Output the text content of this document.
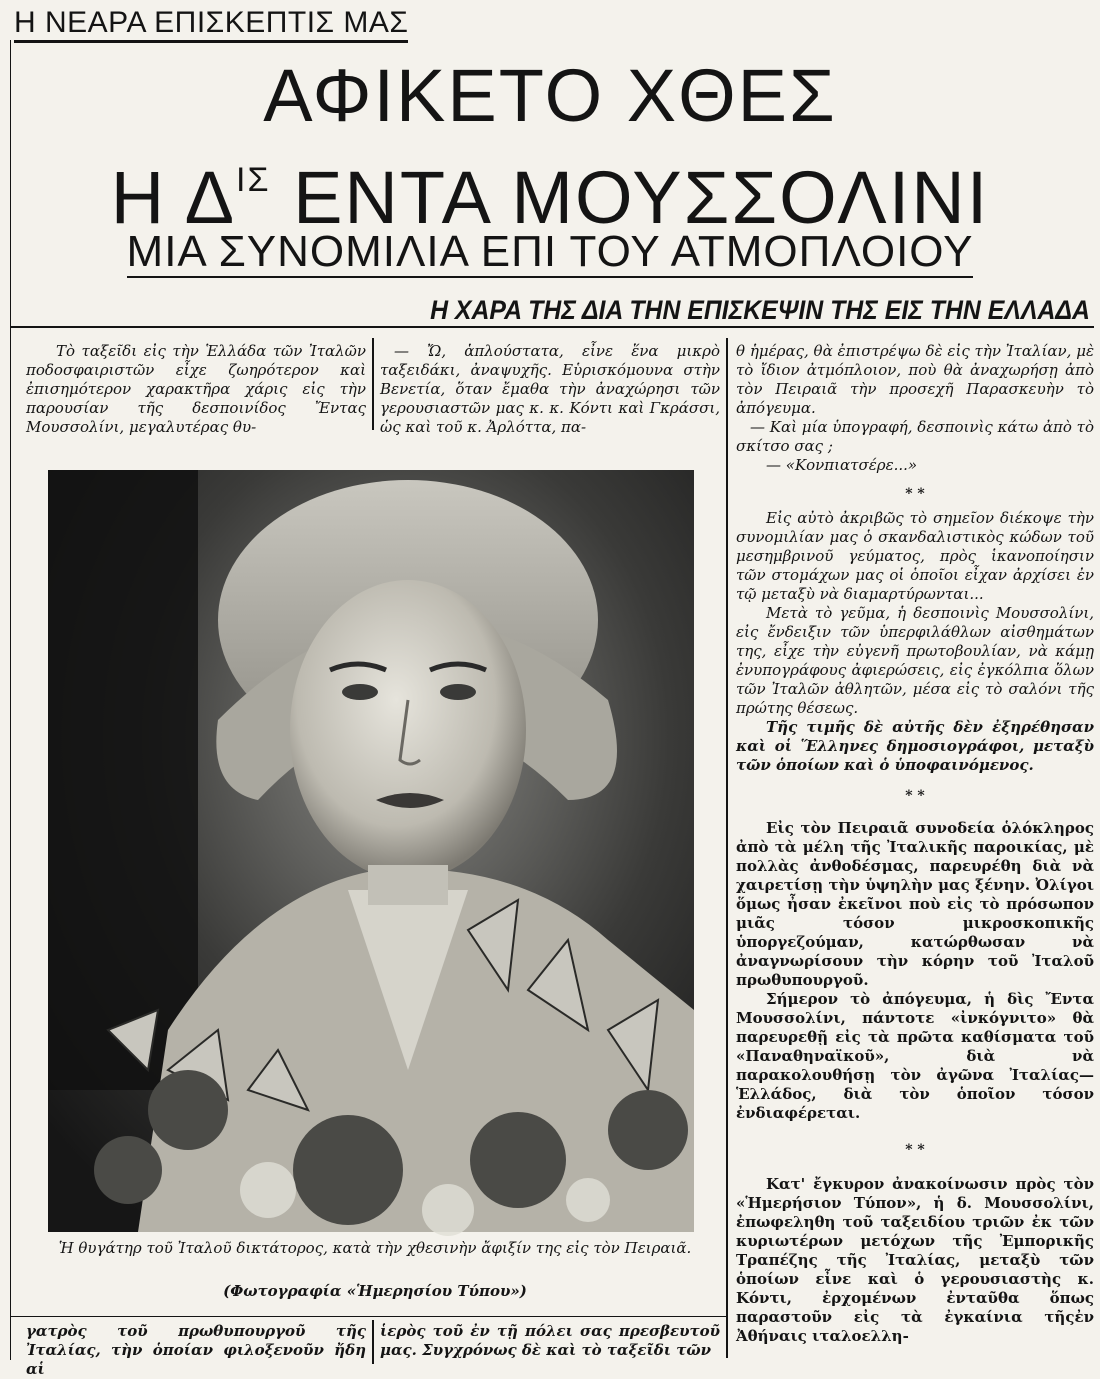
Η ΝΕΑΡΑ ΕΠΙΣΚΕΠΤΙΣ ΜΑΣ
ΑΦΙΚΕΤΟ ΧΘΕΣ
Η $\Delta^{I\Sigma}$ ΕΝΤΑ ΜΟΥΣΣΟΛΙΝΙ
ΜΙΑ ΣΥΝΟΜΙΛΙΑ ΕΠΙ ΤΟΥ ΑΤΜΟΠΛΟΙΟΥ
Η ΧΑΡΑ ΤΗΣ ΔΙΑ ΤΗΝ ΕΠΙΣΚΕΨΙΝ ΤΗΣ ΕΙΣ ΤΗΝ ΕΛΛΑΔΑ

Τὸ ταξεῖδι εἰς τὴν Ἑλλάδα τῶν Ἰταλῶν ποδοσφαιριστῶν εἶχε ζωηρότερον καὶ ἐπισημότερον χαρακτῆρα χάρις εἰς τὴν παρουσίαν τῆς δεσποινίδος Ἔντας Μουσσολίνι, μεγαλυτέρας θυ-

— Ὤ, ἁπλούστατα, εἶνε ἕνα μικρὸ ταξειδάκι, ἀναψυχῆς. Εὑρισκόμουνα στὴν Βενετία, ὅταν ἔμαθα τὴν ἀναχώρησι τῶν γερουσιαστῶν μας κ. κ. Κόντι καὶ Γκράσσι, ὡς καὶ τοῦ κ. Ἀρλόττα, πα-

θ ἡμέρας, θὰ ἐπιστρέψω δὲ εἰς τὴν Ἰταλίαν, μὲ τὸ ἴδιον ἀτμόπλοιον, ποὺ θὰ ἀναχωρήσῃ ἀπὸ τὸν Πειραιᾶ τὴν προσεχῆ Παρασκευὴν τὸ ἀπόγευμα.

— Καὶ μία ὑπογραφή, δεσποινὶς κάτω ἀπὸ τὸ σκίτσο σας ;

— «Κονπιατσέρε...»

* *

Εἰς αὐτὸ ἀκριβῶς τὸ σημεῖον διέκοψε τὴν συνομιλίαν μας ὁ σκανδαλιστικὸς κώδων τοῦ μεσημβρινοῦ γεύματος, πρὸς ἱκανοποίησιν τῶν στομάχων μας οἱ ὁποῖοι εἶχαν ἀρχίσει ἐν τῷ μεταξὺ νὰ διαμαρτύρωνται...

Μετὰ τὸ γεῦμα, ἡ δεσποινὶς Μουσσολίνι, εἰς ἔνδειξιν τῶν ὑπερφιλάθλων αἰσθημάτων της, εἶχε τὴν εὐγενῆ πρωτοβουλίαν, νὰ κάμῃ ἐνυπογράφους ἀφιερώσεις, εἰς ἐγκόλπια ὅλων τῶν Ἰταλῶν ἀθλητῶν, μέσα εἰς τὸ σαλόνι τῆς πρώτης θέσεως.

Τῆς τιμῆς δὲ αὐτῆς δὲν ἐξηρέθησαν καὶ οἱ Ἕλληνες δημοσιογράφοι, μεταξὺ τῶν ὁποίων καὶ ὁ ὑποφαινόμενος.

* *

Εἰς τὸν Πειραιᾶ συνοδεία ὁλόκληρος ἀπὸ τὰ μέλη τῆς Ἰταλικῆς παροικίας, μὲ πολλὰς ἀνθοδέσμας, παρευρέθη διὰ νὰ χαιρετίσῃ τὴν ὑψηλὴν μας ξένην. Ὀλίγοι ὅμως ἦσαν ἐκεῖνοι ποὺ εἰς τὸ πρόσωπον μιᾶς τόσον μικροσκοπικῆς ὑποργεζούμαν, κατώρθωσαν νὰ ἀναγνωρίσουν τὴν κόρην τοῦ Ἰταλοῦ πρωθυπουργοῦ.

Σήμερον τὸ ἀπόγευμα, ἡ δὶς Ἔντα Μουσσολίνι, πάντοτε «ἰνκόγνιτο» θὰ παρευρεθῇ εἰς τὰ πρῶτα καθίσματα τοῦ «Παναθηναϊκοῦ», διὰ νὰ παρακολουθήσῃ τὸν ἀγῶνα Ἰταλίας—Ἑλλάδος, διὰ τὸν ὁποῖον τόσον ἐνδιαφέρεται.

* *

Κατ' ἔγκυρον ἀνακοίνωσιν πρὸς τὸν «Ἡμερήσιον Τύπον», ἡ δ. Μουσσολίνι, ἐπωφεληθη τοῦ ταξειδίου τριῶν ἐκ τῶν κυριωτέρων μετόχων τῆς Ἐμπορικῆς Τραπέζης τῆς Ἰταλίας, μεταξὺ τῶν ὁποίων εἶνε καὶ ὁ γερουσιαστὴς κ. Κόντι, ἐρχομένων ἐνταῦθα ὅπως παραστοῦν εἰς τὰ ἐγκαίνια τῆςἐν Ἀθήναις ιταλοελλη-

Ἡ θυγάτηρ τοῦ Ἰταλοῦ δικτάτορος, κατὰ τὴν χθεσινὴν ἄφιξίν της εἰς τὸν Πειραιᾶ.
(Φωτογραφία «Ἡμερησίου Τύπου»)

γατρὸς τοῦ πρωθυπουργοῦ τῆς Ἰταλίας, τὴν ὁποίαν φιλοξενοῦν ἤδη αἱ

ἱερὸς τοῦ ἐν τῇ πόλει σας πρεσβευτοῦ μας. Συγχρόνως δὲ καὶ τὸ ταξεῖδι τῶν
